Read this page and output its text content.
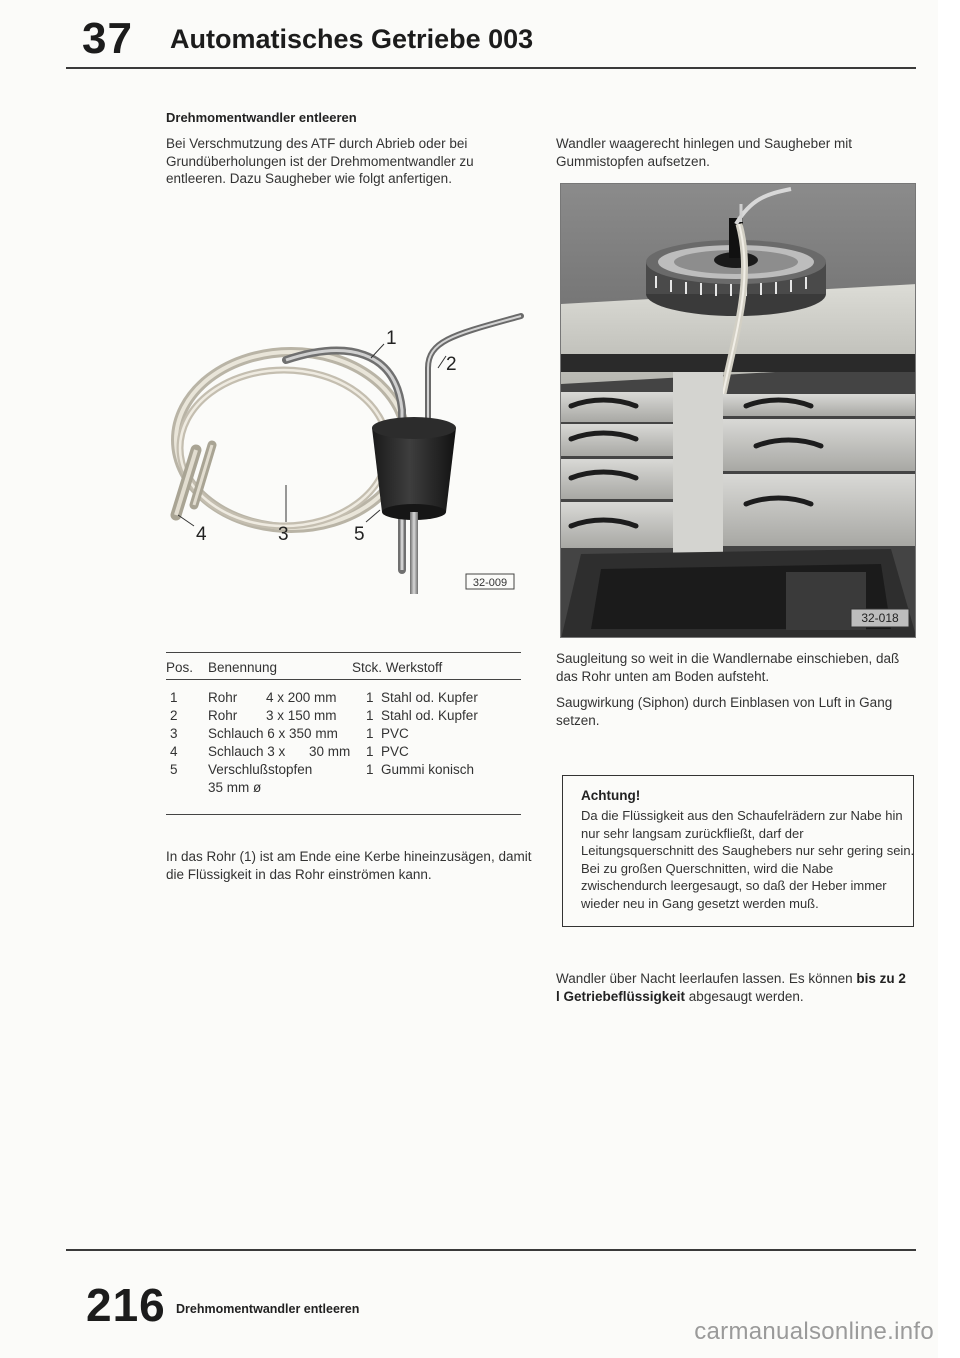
37 Automatisches Getriebe 003
Drehmomentwandler entleeren
Bei Verschmutzung des ATF durch Abrieb oder bei Grundüberholungen ist der Drehmomentwandler zu entleeren. Dazu Saugheber wie folgt anfertigen.
1
2
3
4	5
32-009
Wandler waagerecht hinlegen und Saugheber mit Gummistopfen aufsetzen.
32-018
Pos. Benennung	Stck. Werkstoff
1 Rohr 4 x 200 mm 1 Stahl od. Kupfer
2 Rohr 3 x 150 mm 1 Stahl od. Kupfer
3 Schlauch 6 x 350 mm 1 PVC
4 Schlauch 3 x 30 mm 1 PVC
5 Verschlußstopfen	1 Gummi konisch
35 mm ø
In das Rohr (1) ist am Ende eine Kerbe hineinzusägen, damit die Flüssigkeit in das Rohr einströmen kann.
Saugleitung so weit in die Wandlernabe einschieben, daß das Rohr unten am Boden aufsteht.
Saugwirkung (Siphon) durch Einblasen von Luft in Gang setzen.
Achtung!
Da die Flüssigkeit aus den Schaufelrädern zur Nabe hin nur sehr langsam zurückfließt, darf der Leitungsquerschnitt des Saughebers nur sehr gering sein. Bei zu großen Querschnitten, wird die Nabe zwischendurch leergesaugt, so daß der Heber immer wieder neu in Gang gesetzt werden muß.
Wandler über Nacht leerlaufen lassen. Es können bis zu 2 l Getriebeflüssigkeit abgesaugt werden.
216 Drehmomentwandler entleeren
carmanualsonline.info
